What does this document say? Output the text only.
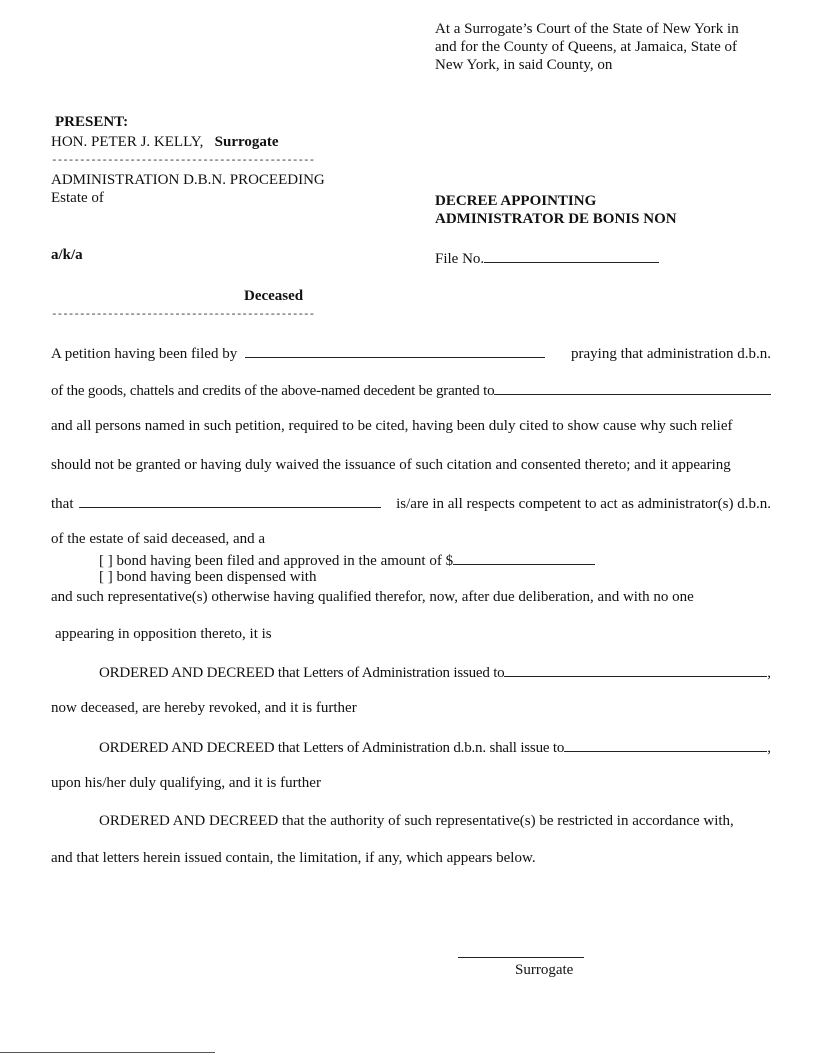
At a Surrogate’s Court of the State of New York in
and for the County of Queens, at Jamaica, State of
New York, in said County, on
PRESENT:
HON. PETER J. KELLY, Surrogate
-----------------------------------------------
ADMINISTRATION D.B.N. PROCEEDING
Estate of
a/k/a
Deceased
-----------------------------------------------
DECREE APPOINTING
ADMINISTRATOR DE BONIS NON
File No.
A petition having been filed by	praying that administration d.b.n.
of the goods, chattels and credits of the above-named decedent be granted to
and all persons named in such petition, required to be cited, having been duly cited to show cause why such relief
should not be granted or having duly waived the issuance of such citation and consented thereto; and it appearing
that	is/are in all respects competent to act as administrator(s) d.b.n.
of the estate of said deceased, and a
[ ] bond having been filed and approved in the amount of $
[ ] bond having been dispensed with
and such representative(s) otherwise having qualified therefor, now, after due deliberation, and with no one
appearing in opposition thereto, it is
ORDERED AND DECREED that Letters of Administration issued to	,
now deceased, are hereby revoked, and it is further
ORDERED AND DECREED that Letters of Administration d.b.n. shall issue to	,
upon his/her duly qualifying, and it is further
ORDERED AND DECREED that the authority of such representative(s) be restricted in accordance with,
and that letters herein issued contain, the limitation, if any, which appears below.
Surrogate
